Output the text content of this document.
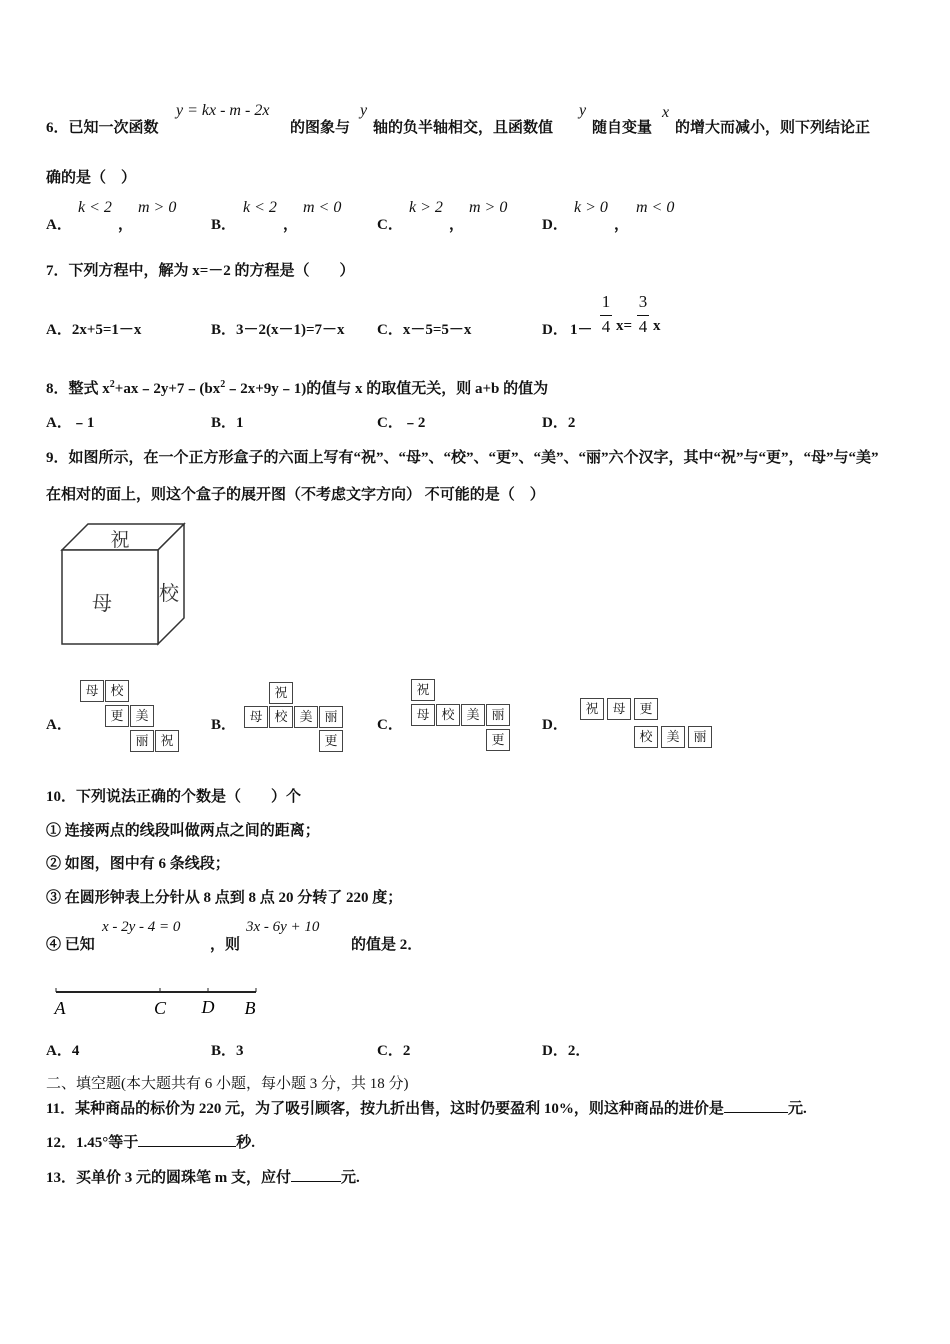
6．已知一次函数
y = kx - m - 2x
的图象与
y
轴的负半轴相交，且函数值
y
随自变量
x
的增大而减小，则下列结论正
确的是（　）
A．
k < 2
，
m > 0
B．
k < 2
，
m < 0
C．
k > 2
，
m > 0
D．
k > 0
，
m < 0
7．下列方程中，解为 x=－2 的方程是（　　）
A．2x+5=1－x	B．3－2(x－1)=7－x C．x－5=5－x	D． 1－
1
4 x=
3
4 x
8．整式 $x^2+ax﹣2y+7﹣(bx^2﹣2x+9y﹣1)$的值与 x 的取值无关，则 a+b 的值为
A．﹣1	B．1	C．﹣2	D．2
9．如图所示，在一个正方形盒子的六面上写有“祝”、“母”、“校”、“更”、“美”、“丽”六个汉字，其中“祝”与“更”，“母”与“美”
在相对的面上，则这个盒子的展开图（不考虑文字方向） 不可能的是（　）
祝
母 校
A．
母 校
更 美
丽 祝
B．
祝
母 校 美 丽
更
C．
祝
母 校 美 丽
更
D．
祝	母	更
校	美	丽
10．下列说法正确的个数是（　　）个
① 连接两点的线段叫做两点之间的距离；
② 如图，图中有 6 条线段；
③ 在圆形钟表上分针从 8 点到 8 点 20 分转了 220 度；
④ 已知
x - 2y - 4 = 0
，则
3x - 6y + 10
的值是 2．
A	C D B
A．4	B．3	C．2	D．2．
二、填空题(本大题共有 6 小题，每小题 3 分，共 18 分)
11．某种商品的标价为 220 元，为了吸引顾客，按九折出售，这时仍要盈利 10%，则这种商品的进价是	元.
12．1.45°等于	秒.
13．买单价 3 元的圆珠笔 m 支，应付	元.
